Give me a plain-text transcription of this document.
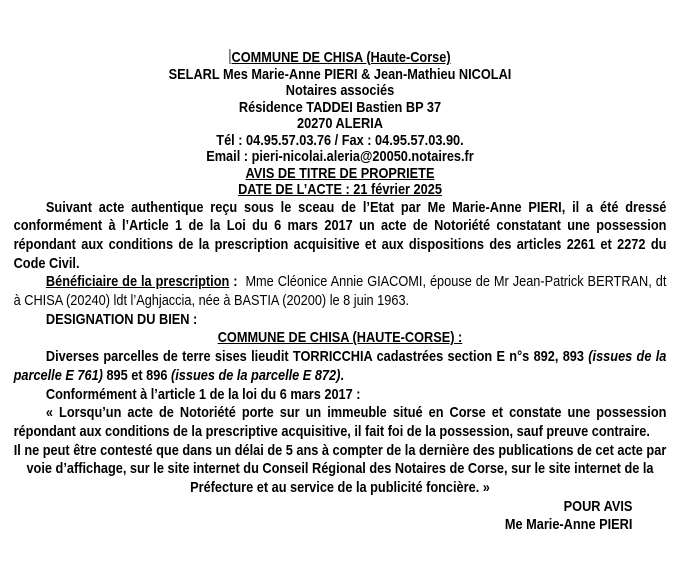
COMMUNE DE CHISA (Haute-Corse)
SELARL Mes Marie-Anne PIERI & Jean-Mathieu NICOLAI
Notaires associés
Résidence TADDEI Bastien BP 37
20270 ALERIA
Tél : 04.95.57.03.76 / Fax : 04.95.57.03.90.
Email : pieri-nicolai.aleria@20050.notaires.fr
AVIS DE TITRE DE PROPRIETE
DATE DE L’ACTE : 21 février 2025

Suivant acte authentique reçu sous le sceau de l’Etat par Me Marie-Anne PIERI, il a été dressé conformément à l’Article 1 de la Loi du 6 mars 2017 un acte de Notoriété constatant une possession répondant aux conditions de la prescription acquisitive et aux dispositions des articles 2261 et 2272 du Code Civil.

Bénéficiaire de la prescription :  Mme Cléonice Annie GIACOMI, épouse de Mr Jean-Patrick BERTRAN, dt à CHISA (20240) ldt l’Aghjaccia, née à BASTIA (20200) le 8 juin 1963.

DESIGNATION DU BIEN :

COMMUNE DE CHISA (HAUTE-CORSE) :

Diverses parcelles de terre sises lieudit TORRICCHIA cadastrées section E n°s 892, 893 (issues de la parcelle E 761) 895 et 896 (issues de la parcelle E 872).

Conformément à l’article 1 de la loi du 6 mars 2017 :

« Lorsqu’un acte de Notoriété porte sur un immeuble situé en Corse et constate une possession répondant aux conditions de la prescriptive acquisitive, il fait foi de la possession, sauf preuve contraire.

Il ne peut être contesté que dans un délai de 5 ans à compter de la dernière des publications de cet acte par voie d’affichage, sur le site internet du Conseil Régional des Notaires de Corse, sur le site internet de la Préfecture et au service de la publicité foncière. »

POUR AVIS

Me Marie-Anne PIERI
